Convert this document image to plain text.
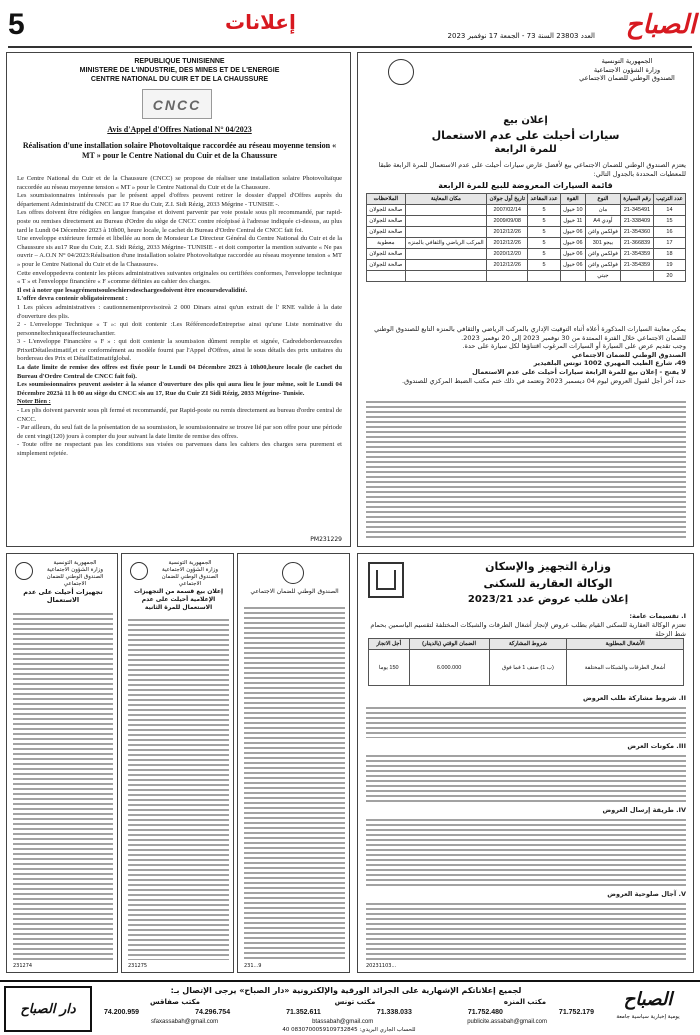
5	إعلانات
العدد 23803 السنة 73 - الجمعة 17 نوفمبر 2023	الصباح
REPUBLIQUE TUNISIENNE
MINISTERE DE L'INDUSTRIE, DES MINES ET DE L'ENERGIE
CENTRE NATIONAL DU CUIR ET DE LA CHAUSSURE
CNCC
Avis d'Appel d'Offres National N° 04/2023
Réalisation d'une installation solaire Photovoltaïque raccordée au réseau moyenne tension « MT » pour le Centre National du Cuir et de la Chaussure

Le Centre National du Cuir et de la Chaussure (CNCC) se propose de réaliser une installation solaire Photovoltaïque raccordée au réseau moyenne tension « MT » pour le Centre National du Cuir et de la Chaussure.

Les soumissionnaires intéressés par le présent appel d'offres peuvent retirer le dossier d'appel d'Offres auprès du département Administratif du CNCC au 17 Rue du Cuir, Z.I. Sidi Rézig, 2033 Mégrine - TUNISIE -.

Les offres doivent être rédigées en langue française et doivent parvenir par voie postale sous pli recommandé, par rapid-poste ou remises directement au Bureau d'Ordre du siège de CNCC contre récépissé à l'adresse indiquée ci-dessus, au plus tard le Lundi 04 Décembre 2023 à 10h00, heure locale, le cachet du Bureau d'Ordre Central de CNCC fait foi.

Une enveloppe extérieure fermée et libellée au nom de Monsieur Le Directeur Général du Centre National du Cuir et de la Chaussure sis au17 Rue du Cuir, Z.I. Sidi Rézig, 2033 Mégrine- TUNISIE - et doit comporter la mention suivante « Ne pas ouvrir – A.O.N N° 04/2023:Réalisation d'une installation solaire Photovoltaïque raccordée au réseau moyenne tension « MT » pour le Centre National du Cuir et de la Chaussure».

Cette enveloppedevra contenir les pièces administratives suivantes originales ou certifiées conformes, l'enveloppe technique « T » et l'enveloppe financière « F »comme définies au cahier des charges.

Il est à noter que lesagrémentsouleschiersdeschargesdoivent être encoursdevalidité.

L'offre devra contenir obligatoirement :

1 Les pièces administratives : cautionnementprovisoireà 2 000 Dinars ainsi qu'un extrait de l' RNE valide à la date d'ouverture des plis.

2 - L'enveloppe Technique « T »: qui doit contenir :Les RéférencedeEntreprise ainsi qu'une Liste nominative du personneltechniqueaffecteurachantier.

3 - L'enveloppe Financière « F » : qui doit contenir la soumission dûment remplie et signée, Cadredebordereauxdes PrixetDétailestimatif,et ce conformément au modèle fourni par l'Appel d'Offres, ainsi le sous détails des prix unitaires du bordereau des Prix et DétailEstimatifglobal.

La date limite de remise des offres est fixée pour le Lundi 04 Décembre 2023 à 10h00,heure locale (le cachet du Bureau d'Ordre Central de CNCC fait foi).

Les soumissionnaires peuvent assister à la séance d'ouverture des plis qui aura lieu le jour même, soit le Lundi 04 Décembre 2023à 11 h 00 au siège du CNCC sis au 17, Rue du Cuir ZI Sidi Rézig, 2033 Mégrine- Tunisie.

Noter Bien :

- Les plis doivent parvenir sous pli fermé et recommandé, par Rapid-poste ou remis directement au bureau d'ordre central de CNCC.

- Par ailleurs, du seul fait de la présentation de sa soumission, le soumissionnaire se trouve lié par son offre pour une période de cent vingt(120) jours à compter du jour suivant la date limite de remise des offres.

- Toute offre ne respectant pas les conditions sus visées ou parvenues dans les cahiers des charges sera purement et simplement rejetée.

PM231229
الجمهورية التونسية
وزارة الشؤون الاجتماعية
الصندوق الوطني للضمان الاجتماعي
إعلان بيع
سيارات أحيلت على عدم الاستعمال
للمرة الرابعة
يعتزم الصندوق الوطني للضمان الاجتماعي بيع لأفضل عارض سيارات أحيلت على عدم الاستعمال للمرة الرابعة طبقا للمعطيات المحددة بالجدول التالي:
قائمة السيارات المعروضة للبيع للمرة الرابعة
عدد الترتيب	رقم السيارة	النوع	القوة	عدد المقاعد	تاريخ أول جولان	مكان المعاينة	الملاحظات
14	21-345491	مان	10 خيول	5	2007/02/14		صالحة للجولان
15	21-338409	أودي A4	11 خيول	5	2009/09/08		صالحة للجولان
16	21-354360	فولكس واغن	06 خيول	5	2012/12/26		صالحة للجولان
17	21-366839	بيجو 301	06 خيول	5	2012/12/26	المركب الرياضي والثقافي بالمنزه	معطوبة
18	21-354359	فولكس واغن	06 خيول	5	2020/12/20		صالحة للجولان
19	21-354359	فولكس واغن	06 خيول	5	2012/12/26		صالحة للجولان
20		جيتي					

يمكن معاينة السيارات المذكورة أعلاه أثناء التوقيت الإداري بالمركب الرياضي والثقافي بالمنزه التابع للصندوق الوطني للضمان الاجتماعي خلال الفترة الممتدة من 30 نوفمبر 2023 إلى 20 نوفمبر 2023.

وجب تقديم عرض على السيارة أو السيارات المرغوب اقتناؤها لكل سيارة على حدة.

الصندوق الوطني للضمان الاجتماعي

49، شارع الطيب المهيري 1002 تونس البلفيدير

لا يفتح - إعلان بيع للمرة الرابعة سيارات أحيلت على عدم الاستعمال

حدد آخر أجل لقبول العروض ليوم 04 ديسمبر 2023 وتعتمد في ذلك ختم مكتب الضبط المركزي للصندوق.

الجمهورية التونسية
وزارة الشؤون الاجتماعية
الصندوق الوطني للضمان الاجتماعي
تجهيزات أحيلت على عدم الاستعمال
231274
الجمهورية التونسية
وزارة الشؤون الاجتماعية
الصندوق الوطني للضمان الاجتماعي
إعلان بيع قسمة من التجهيزات الإعلامية أحيلت على عدم الاستعمال للمرة الثانية
231275
الصندوق الوطني للضمان الاجتماعي
231...9
وزارة التجهيز والإسكان
الوكالة العقارية للسكنى
إعلان طلب عروض عدد 2023/21
I. تقسيمات عامة:
تعتزم الوكالة العقارية للسكنى القيام بطلب عروض لإنجاز أشغال الطرقات والشبكات المختلفة لتقسيم الياسمين بحمام شط الزحلة
الأشغال المطلوبة	شروط المشاركة	الضمان الوقتي (بالدينار)	أجل الانجاز
أشغال الطرقات والشبكات المختلفة	(ب 1) صنف 1 فما فوق	6.000.000	150 يوما
II. شروط مشاركة طلب العروض
III. مكونات العرض
IV. طريقة إرسال العروض
V. آجال صلوحية العروض
20231103...
دار الصباح
لجميع إعلاناتكم الإشهارية على الجرائد الورقية والإلكترونية «دار الصباح» يرجى الإتصال بـ:
مكتب المنزه
مكتب تونس
مكتب صفاقس
74.200.959	74.296.754	71.352.611	71.338.033	71.752.480	71.752.179
sfaxassabah@gmail.com	btassabah@gmail.com	publicite.assabah@gmail.com
للحساب الجاري البريدي: 0830700059109732845 40
الصباح
يومية إخبارية سياسية جامعة
